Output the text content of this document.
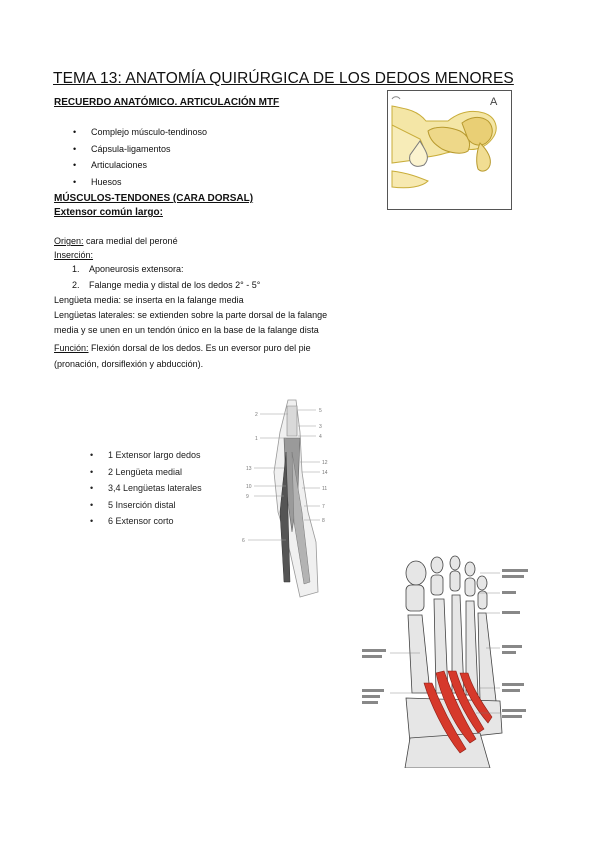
TEMA 13: ANATOMÍA QUIRÚRGICA DE LOS DEDOS MENORES
RECUERDO ANATÓMICO. ARTICULACIÓN MTF
• Complejo músculo-tendinoso
• Cápsula-ligamentos
• Articulaciones
• Huesos
MÚSCULOS-TENDONES (CARA DORSAL)
Extensor común largo:
Origen: cara medial del peroné
Inserción:
1. Aponeurosis extensora:
2. Falange media y distal de los dedos 2° - 5°
Lengüeta media: se inserta en la falange media
Lengüetas laterales: se extienden sobre la parte dorsal de la falange
media y se unen en un tendón único en la base de la falange dista
Función: Flexión dorsal de los dedos. Es un eversor puro del pie
(pronación, dorsiflexión y abducción).
A
5
3
4
2
1
12
14
13
10	11
7
9
8
6
• 1 Extensor largo dedos
• 2 Lengüeta medial
• 3,4 Lengüetas laterales
• 5 Inserción distal
• 6 Extensor corto
